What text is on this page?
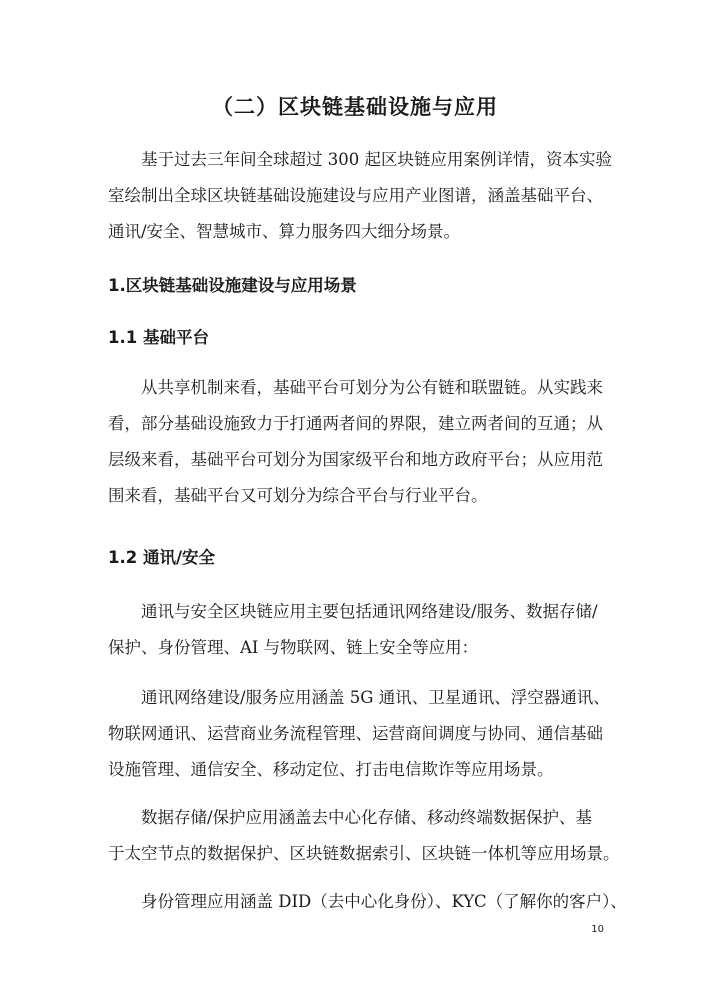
（二）区块链基础设施与应用

基于过去三年间全球超过 300 起区块链应用案例详情，资本实验
室绘制出全球区块链基础设施建设与应用产业图谱，涵盖基础平台、
通讯/安全、智慧城市、算力服务四大细分场景。

1.区块链基础设施建设与应用场景
1.1 基础平台

从共享机制来看，基础平台可划分为公有链和联盟链。从实践来
看，部分基础设施致力于打通两者间的界限，建立两者间的互通；从
层级来看，基础平台可划分为国家级平台和地方政府平台；从应用范
围来看，基础平台又可划分为综合平台与行业平台。

1.2 通讯/安全

通讯与安全区块链应用主要包括通讯网络建设/服务、数据存储/
保护、身份管理、AI 与物联网、链上安全等应用：

通讯网络建设/服务应用涵盖 5G 通讯、卫星通讯、浮空器通讯、
物联网通讯、运营商业务流程管理、运营商间调度与协同、通信基础
设施管理、通信安全、移动定位、打击电信欺诈等应用场景。

数据存储/保护应用涵盖去中心化存储、移动终端数据保护、基
于太空节点的数据保护、区块链数据索引、区块链一体机等应用场景。

身份管理应用涵盖 DID（去中心化身份）、KYC（了解你的客户）、

10
